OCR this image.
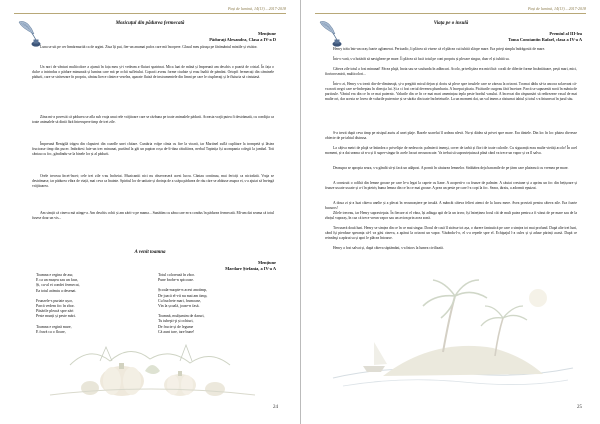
Pași de lumină, 14(13) – 2017-2018
Mozicuțul din pădurea fermecată
Mențiune
Păduraţi Alexandra, Clasa a IV-a D

Luna se uit pe cer înmărmurită ca de argint. Ziua îți pui, fier-un anumai pufos care mă încopere. Glasul meu păruşa pe fărământul mintile și visător.

Un nori de vânturi multicolore a ajunsă în fața meu și-i vedeam a-fluiurt spatrinat. Mica luat de mână și împreună am deschis o poartă de cristal. În fața o dulce a intrindus o pădure minunată și lumina care mă pe ochii sufletului. Copacii aveau forme ciudate și erau înaltă de pământ. Ortopfi fermecați din căminele pădurii, care se străvezare în propriu, cântau lirece cântece veselea, aparate fluiză de instrumentele din limni pe care le ciupheraţi și le fluiuria să cintuiasă.

Zăna mi-a povestit că pădurea se afla sub vraja unui rele vrăjitoare care se răzbuna pe toate animalele pădurii. Aceasta vrajă putea fi destrămată, cu condiţia ca toate animalele să dintă fără întrerupere timp de trei zile.

Împreună Renigilă trăgea din clapuieri din coardle unei chitare. Cuntăria volpe cânta cu fire la vioară, iar Martinel suflă cuplitare la trompetă și lăstea fructoase timp din pucer. Imbrătesi fuie-un trec minunat, purtând la gât un papion roșu de-li-tăna rătufiărea, nerbul Topinița își acompania colegii la jambal. Toti cântau cu foc, gândindu-se la binele lor și al pădurii.

Orele treceau încet-încet; cele trei zile s-au încheiat. Muzicantii nici nu observaseră acest lucru. Cântau continuu, mai fericiți ca niciodată. Vraja se destrămase, iar pădurea vibra de viață, mai ceva ca înainte. Spiritul lor de unitate și dorinţa de a scăpa pădurea de rău căre se abătuse asupra ei, s-a ajutat să învingă vrăjitoarea.

Am simțit că cineva mă atinge-a. Am deschis ochii și am zărit-o pe mama... Sunătăm cu zâna care m-a condus în pădurea fermecată. Mi-am dat seama că totul fusese doar un vis...

A venit toamna
Mențiune
Mardare Ștefania, a IV-a A
Toamna e regina de aur,
E ca un mușeu sau un faur,
Și, cu-al ei condei fermecat,
Ea totul arămiu a desenat.
Frunzele-s purtate ușor,
Parcă vedem foc în zbor.
Păsările pleacă spre zări
Peste munți și peste mări.
Toamna e regină mare,
E fravă ca o floare,
Totul colorează în zbor.
Pune brobe-n spicoase.
Școala-nuopte-n acest anotimp,
De joacă el-vii nu mai am timp,
Cu buchete mari, frumoase,
Vin la școală, joase-n fasă.
Toamnă, mulțumim de daruri,
Tu iubeşti-ţi și ochiuri,
De fructe și de legume
Că aunt tare, tare bune!
24
Pași de lumină, 14(13) – 2017-2018
Viața pe o insulă
Premiul al III-lea
Toma Constantin Rafael, clasa a IV-a A

Henry trăia într-un oraș foarte aglomerat. Perioadic, li plăcea să viseze că el plăcea cui iubită slăcpe mare. Era prieţi simplu îndrăgostit de mare.

Într-o vară, s-a hotărât să navigheze pe mare. Îi plăcea să facă totul pe cont propriu și plecare singur, doar el și iubită sa.

Câteva zile totul a fost minunat! Făcea plajă, înota sau se scufunda în adâncuri. Acolo, privelişitea era mirifică: corali de diferite forme încântătoare, pești mari, mici, fioriorosmirii, multicolori...

Într-o zi, Henry s-a trezit din-de-dimineaţă, și-a pregătit micul dejun și doriu să plece spre insulele care se zăreau la orizont. Tocmai dădu să-ia ancora solarvant că-va norii negri care se-îndreptau în direcţia lui. Și a ci fost certul devenea plumburiu. A început ploaia. Picăturile curgeau fără încetare. Parcă se supusenăt norii în mânia de particule. Vântul era din ce în ce mai puternic. Valurile din ce în ce mai mari amenințau iepla peste bordul vasului. A încercat din răspunsări să redirezeze vasul de mai multe ori, dar acesta se lovea de valurile puternice și se sărăia din toate încheieturile. La un moment dat, un val imens a răsturnat iahtul și totul s-a întunecat în jurul său.

S-a trezit după ceva timp pe nisipul auriu al unei plaje. Razele soarelui îl ardeau nlevă. Nu-și dădea să privei spre mare. Era tântele. Din loc în loc plutea divresse obiecte de pe iahtul distrusa.

La câțiva metri de plajă se întindea o privelişte de nedescris: palmierii imenşi, cover de iarbă și flori de toate culorile. Cu siguranță erau multe vietăți acolo! În acel moment, și-a dat seama că n-a și fi super-singur în acele locuri necunoscute. Va trebui să supraviețuiască până când va trece un vapor și va îl salva.

Deasupra se apropia seara, s-a gândit să-și facă un adăpost. A pornit în căutarea lemnelor. Străbătea deja barranile de pe țărm care plutească cu vremea pe mare.

A construit o colibă din lemne groase pe care le-a legat la capete cu liane. A acoperit-o cu frunze de palmier. A căutat crestune și a aprins un foc din bețișoare și frunze uscate uscate și a-i în pietriș buma lemna din ce în ce mai groase. A prea un peste pe care l-a copt la foc. Seara, târziu, a adormit epuizat.

A doua zi și-a luat câteva unelte și a plecat în recunoaștere pe insulă. A mâncât câteva felieri atenci de la lucru mere. Avea provizii pentru câteva zile. Era foarte bucuros!

Zilele treceau, iar Henry supravieţuia. În fiecare zi el vâna, își adăuga apă de la un izvor, își întreținea focul cât de mult putea pentru a fi văzut de pe mare sau de la zboțul vaporaș, în caz că trece vreun vapor sau un avion prin acea zonă.

Trecuseră două luni. Henry se simțea din ce în ce mai singur. Dorul de casă îl străsse tot așa, o durere fantastică pe care o simțea tot mai profund. După alte trei luni, când își pierduse speranța că-l va găsi cineva, a apărut la orizont un vapor. Văzându-l-o, el s-a repede spre el. Echipajul l-a cules și și aduse părinți acasă. După ce reinnlnşi a apărut sa și apoi le plăcea întoarse.

Henry a fost salvat și, după câteva săptămâni, s-a întors la lumea civilizată.

25
